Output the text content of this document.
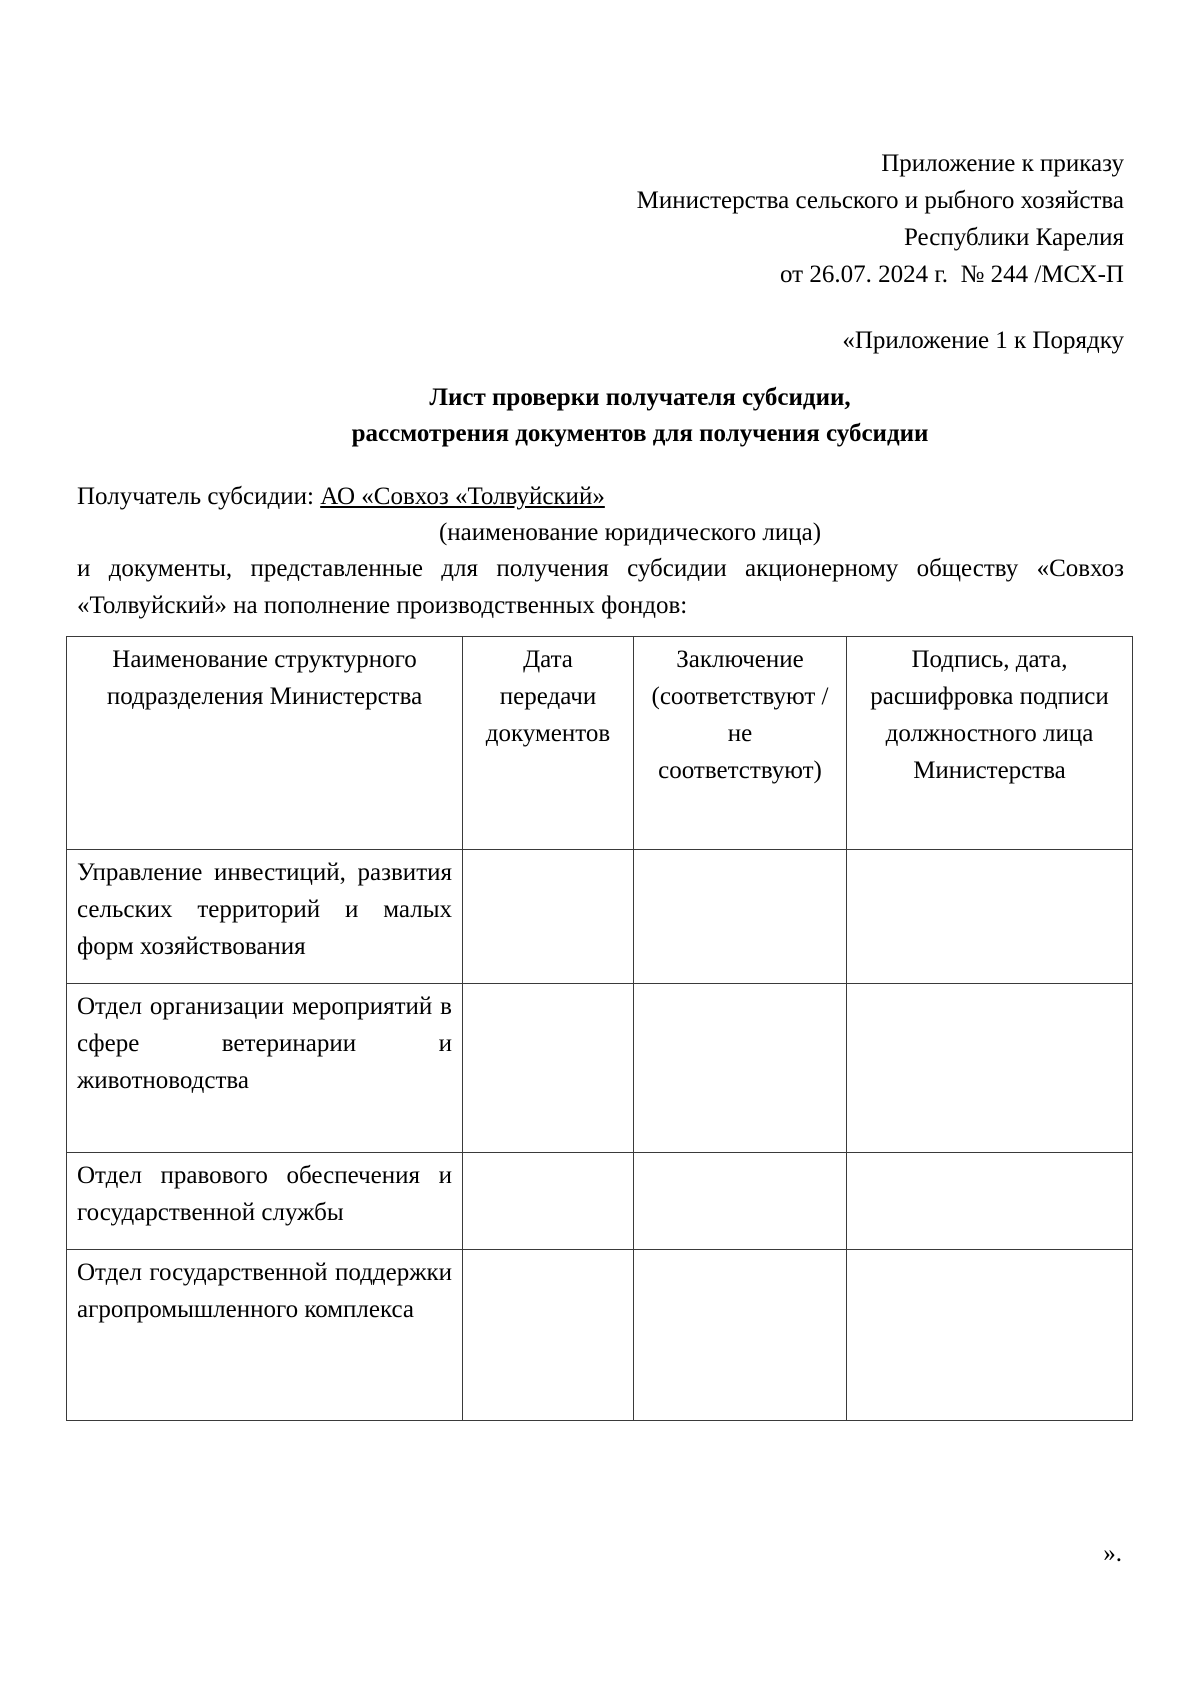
Приложение к приказу
Министерства сельского и рыбного хозяйства
Республики Карелия
от 26.07. 2024 г.  № 244 /МСХ-П
«Приложение 1 к Порядку
Лист проверки получателя субсидии,
рассмотрения документов для получения субсидии
Получатель субсидии: АО «Совхоз «Толвуйский»
(наименование юридического лица)
и документы, представленные для получения субсидии акционерному обществу «Совхоз «Толвуйский» на пополнение производственных фондов:
Наименование структурного подразделения Министерства	Дата передачи документов	Заключение (соответствуют / не соответствуют)	Подпись, дата, расшифровка подписи должностного лица Министерства
Управление инвестиций, развития сельских территорий и малых форм хозяйствования			
Отдел организации мероприятий в сфере ветеринарии и животноводства			
Отдел правового обеспечения и государственной службы			
Отдел государственной поддержки агропромышленного комплекса			
».
